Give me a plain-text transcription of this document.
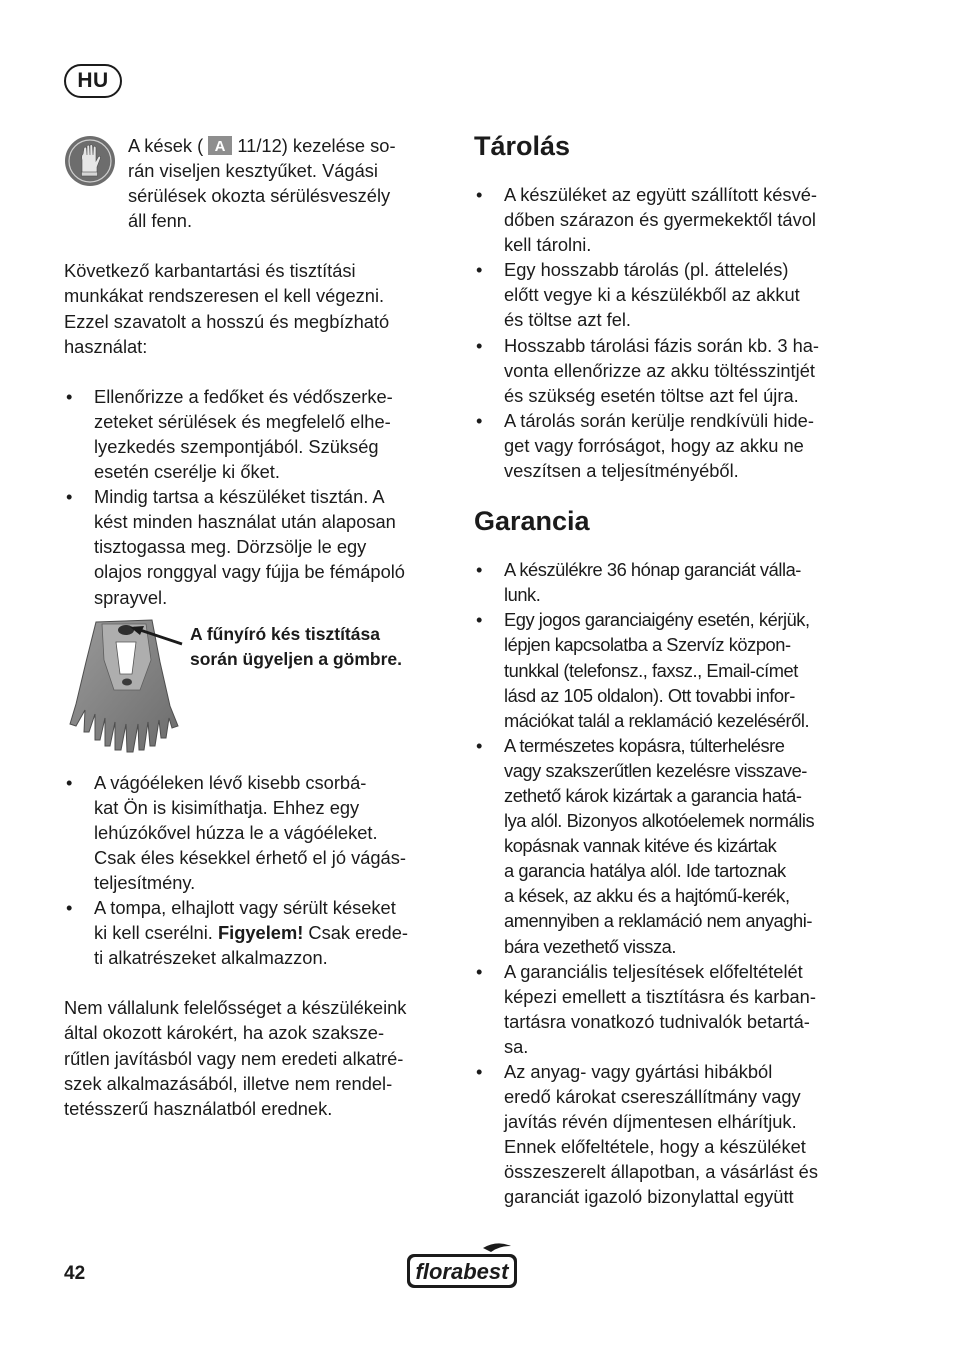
HU
A kések ( A 11/12) kezelése so-
rán viseljen kesztyűket. Vágási
sérülések okozta sérülésveszély
áll fenn.

Következő karbantartási és tisztítási
munkákat rendszeresen el kell végezni.
Ezzel szavatolt a hosszú és megbízható
használat:

• Ellenőrizze a fedőket és védőszerke-
zeteket sérülések és megfelelő elhe-
lyezkedés szempontjából. Szükség
esetén cserélje ki őket.
• Mindig tartsa a készüléket tisztán. A
kést minden használat után alaposan
tisztogassa meg. Dörzsölje le egy
olajos ronggyal vagy fújja be fémápoló
sprayvel.
A fűnyíró kés tisztítása
során ügyeljen a gömbre.
• A vágóéleken lévő kisebb csorbá-
kat Ön is kisimíthatja. Ehhez egy
lehúzókővel húzza le a vágóéleket.
Csak éles késekkel érhető el jó vágás-
teljesítmény.
• A tompa, elhajlott vagy sérült késeket
ki kell cserélni. Figyelem! Csak erede-
ti alkatrészeket alkalmazzon.

Nem vállalunk felelősséget a készülékeink
által okozott károkért, ha azok szaksze-
rűtlen javításból vagy nem eredeti alkatré-
szek alkalmazásából, illetve nem rendel-
tetésszerű használatból erednek.

Tárolás
• A készüléket az együtt szállított késvé-
dőben szárazon és gyermekektől távol
kell tárolni.
• Egy hosszabb tárolás (pl. áttelelés)
előtt vegye ki a készülékből az akkut
és töltse azt fel.
• Hosszabb tárolási fázis során kb. 3 ha-
vonta ellenőrizze az akku töltésszintjét
és szükség esetén töltse azt fel újra.
• A tárolás során kerülje rendkívüli hide-
get vagy forróságot, hogy az akku ne
veszítsen a teljesítményéből.
Garancia
• A készülékre 36 hónap garanciát válla-
lunk.
• Egy jogos garanciaigény esetén, kérjük,
lépjen kapcsolatba a Szervíz közpon-
tunkkal (telefonsz., faxsz., Email-címet
lásd az 105 oldalon). Ott tovabbi infor-
mációkat talál a reklamáció kezeléséről.
• A természetes kopásra, túlterhelésre
vagy szakszerűtlen kezelésre visszave-
zethető károk kizártak a garancia hatá-
lya alól. Bizonyos alkotóelemek normális
kopásnak vannak kitéve és kizártak
a garancia hatálya alól. Ide tartoznak
a kések, az akku és a hajtómű-kerék,
amennyiben a reklamáció nem anyaghi-
bára vezethető vissza.
• A garanciális teljesítések előfeltételét
képezi emellett a tisztításra és karban-
tartásra vonatkozó tudnivalók betartá-
sa.
• Az anyag- vagy gyártási hibákból
eredő károkat csereszállítmány vagy
javítás révén díjmentesen elhárítjuk.
Ennek előfeltétele, hogy a készüléket
összeszerelt állapotban, a vásárlást és
garanciát igazoló bizonylattal együtt
42	florabest
